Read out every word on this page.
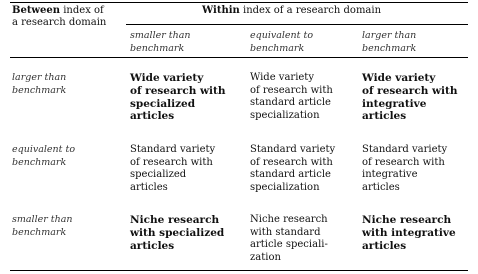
Between index of
a research domain
Within index of a research domain
smaller than
benchmark
equivalent to
benchmark
larger than
benchmark
larger than
benchmark
Wide variety
of research with
specialized
articles
Wide variety
of research with
standard article
specialization
Wide variety
of research with
integrative
articles
equivalent to
benchmark
Standard variety
of research with
specialized
articles
Standard variety
of research with
standard article
specialization
Standard variety
of research with
integrative
articles
smaller than
benchmark
Niche research
with specialized
articles
Niche research
with standard
article speciali-
zation
Niche research
with integrative
articles
